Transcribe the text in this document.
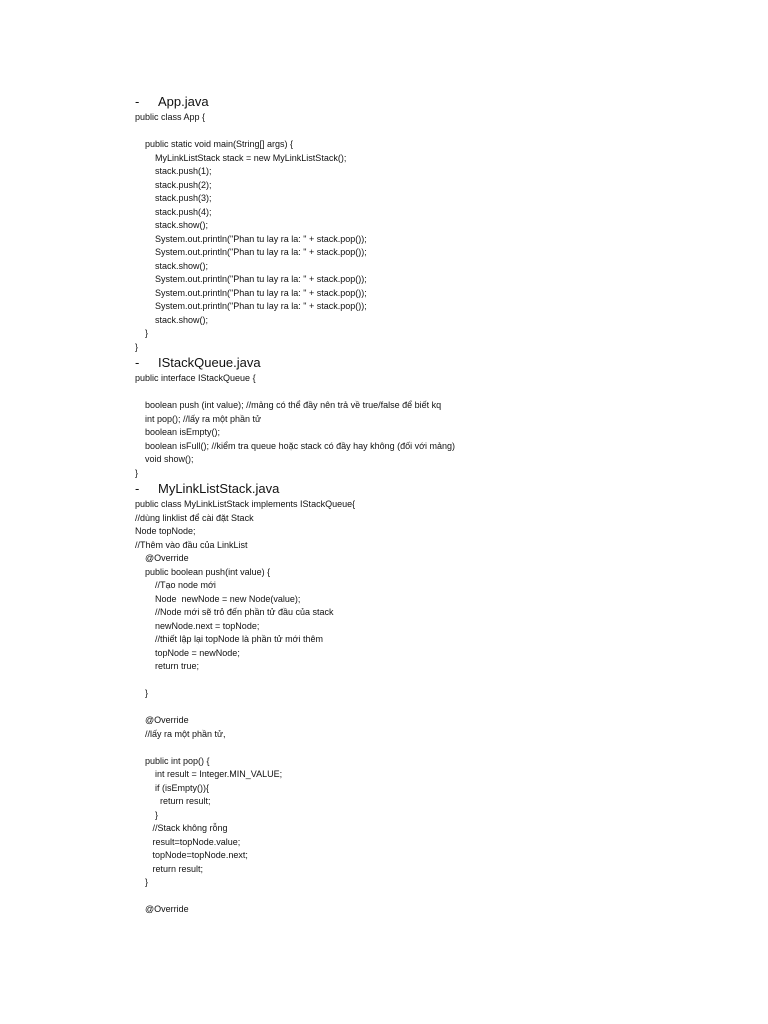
-	App.java
public class App {
public static void main(String[] args) {
MyLinkListStack stack = new MyLinkListStack();
stack.push(1);
stack.push(2);
stack.push(3);
stack.push(4);
stack.show();
System.out.println("Phan tu lay ra la: " + stack.pop());
System.out.println("Phan tu lay ra la: " + stack.pop());
stack.show();
System.out.println("Phan tu lay ra la: " + stack.pop());
System.out.println("Phan tu lay ra la: " + stack.pop());
System.out.println("Phan tu lay ra la: " + stack.pop());
stack.show();
}
}
-	IStackQueue.java
public interface IStackQueue {
boolean push (int value); //mảng có thể đầy nên trả về true/false để biết kq
int pop(); //lấy ra một phần tử
boolean isEmpty();
boolean isFull(); //kiểm tra queue hoặc stack có đầy hay không (đối với mảng)
void show();
}
-	MyLinkListStack.java
public class MyLinkListStack implements IStackQueue{
//dùng linklist để cài đặt Stack
Node topNode;
//Thêm vào đầu của LinkList
@Override
public boolean push(int value) {
//Tạo node mới
Node  newNode = new Node(value);
//Node mới sẽ trỏ đến phần tử đầu của stack
newNode.next = topNode;
//thiết lập lại topNode là phần tử mới thêm
topNode = newNode;
return true;
}
@Override
//lấy ra một phần tử,
public int pop() {
int result = Integer.MIN_VALUE;
if (isEmpty()){
return result;
}
//Stack không rỗng
result=topNode.value;
topNode=topNode.next;
return result;
}
@Override
